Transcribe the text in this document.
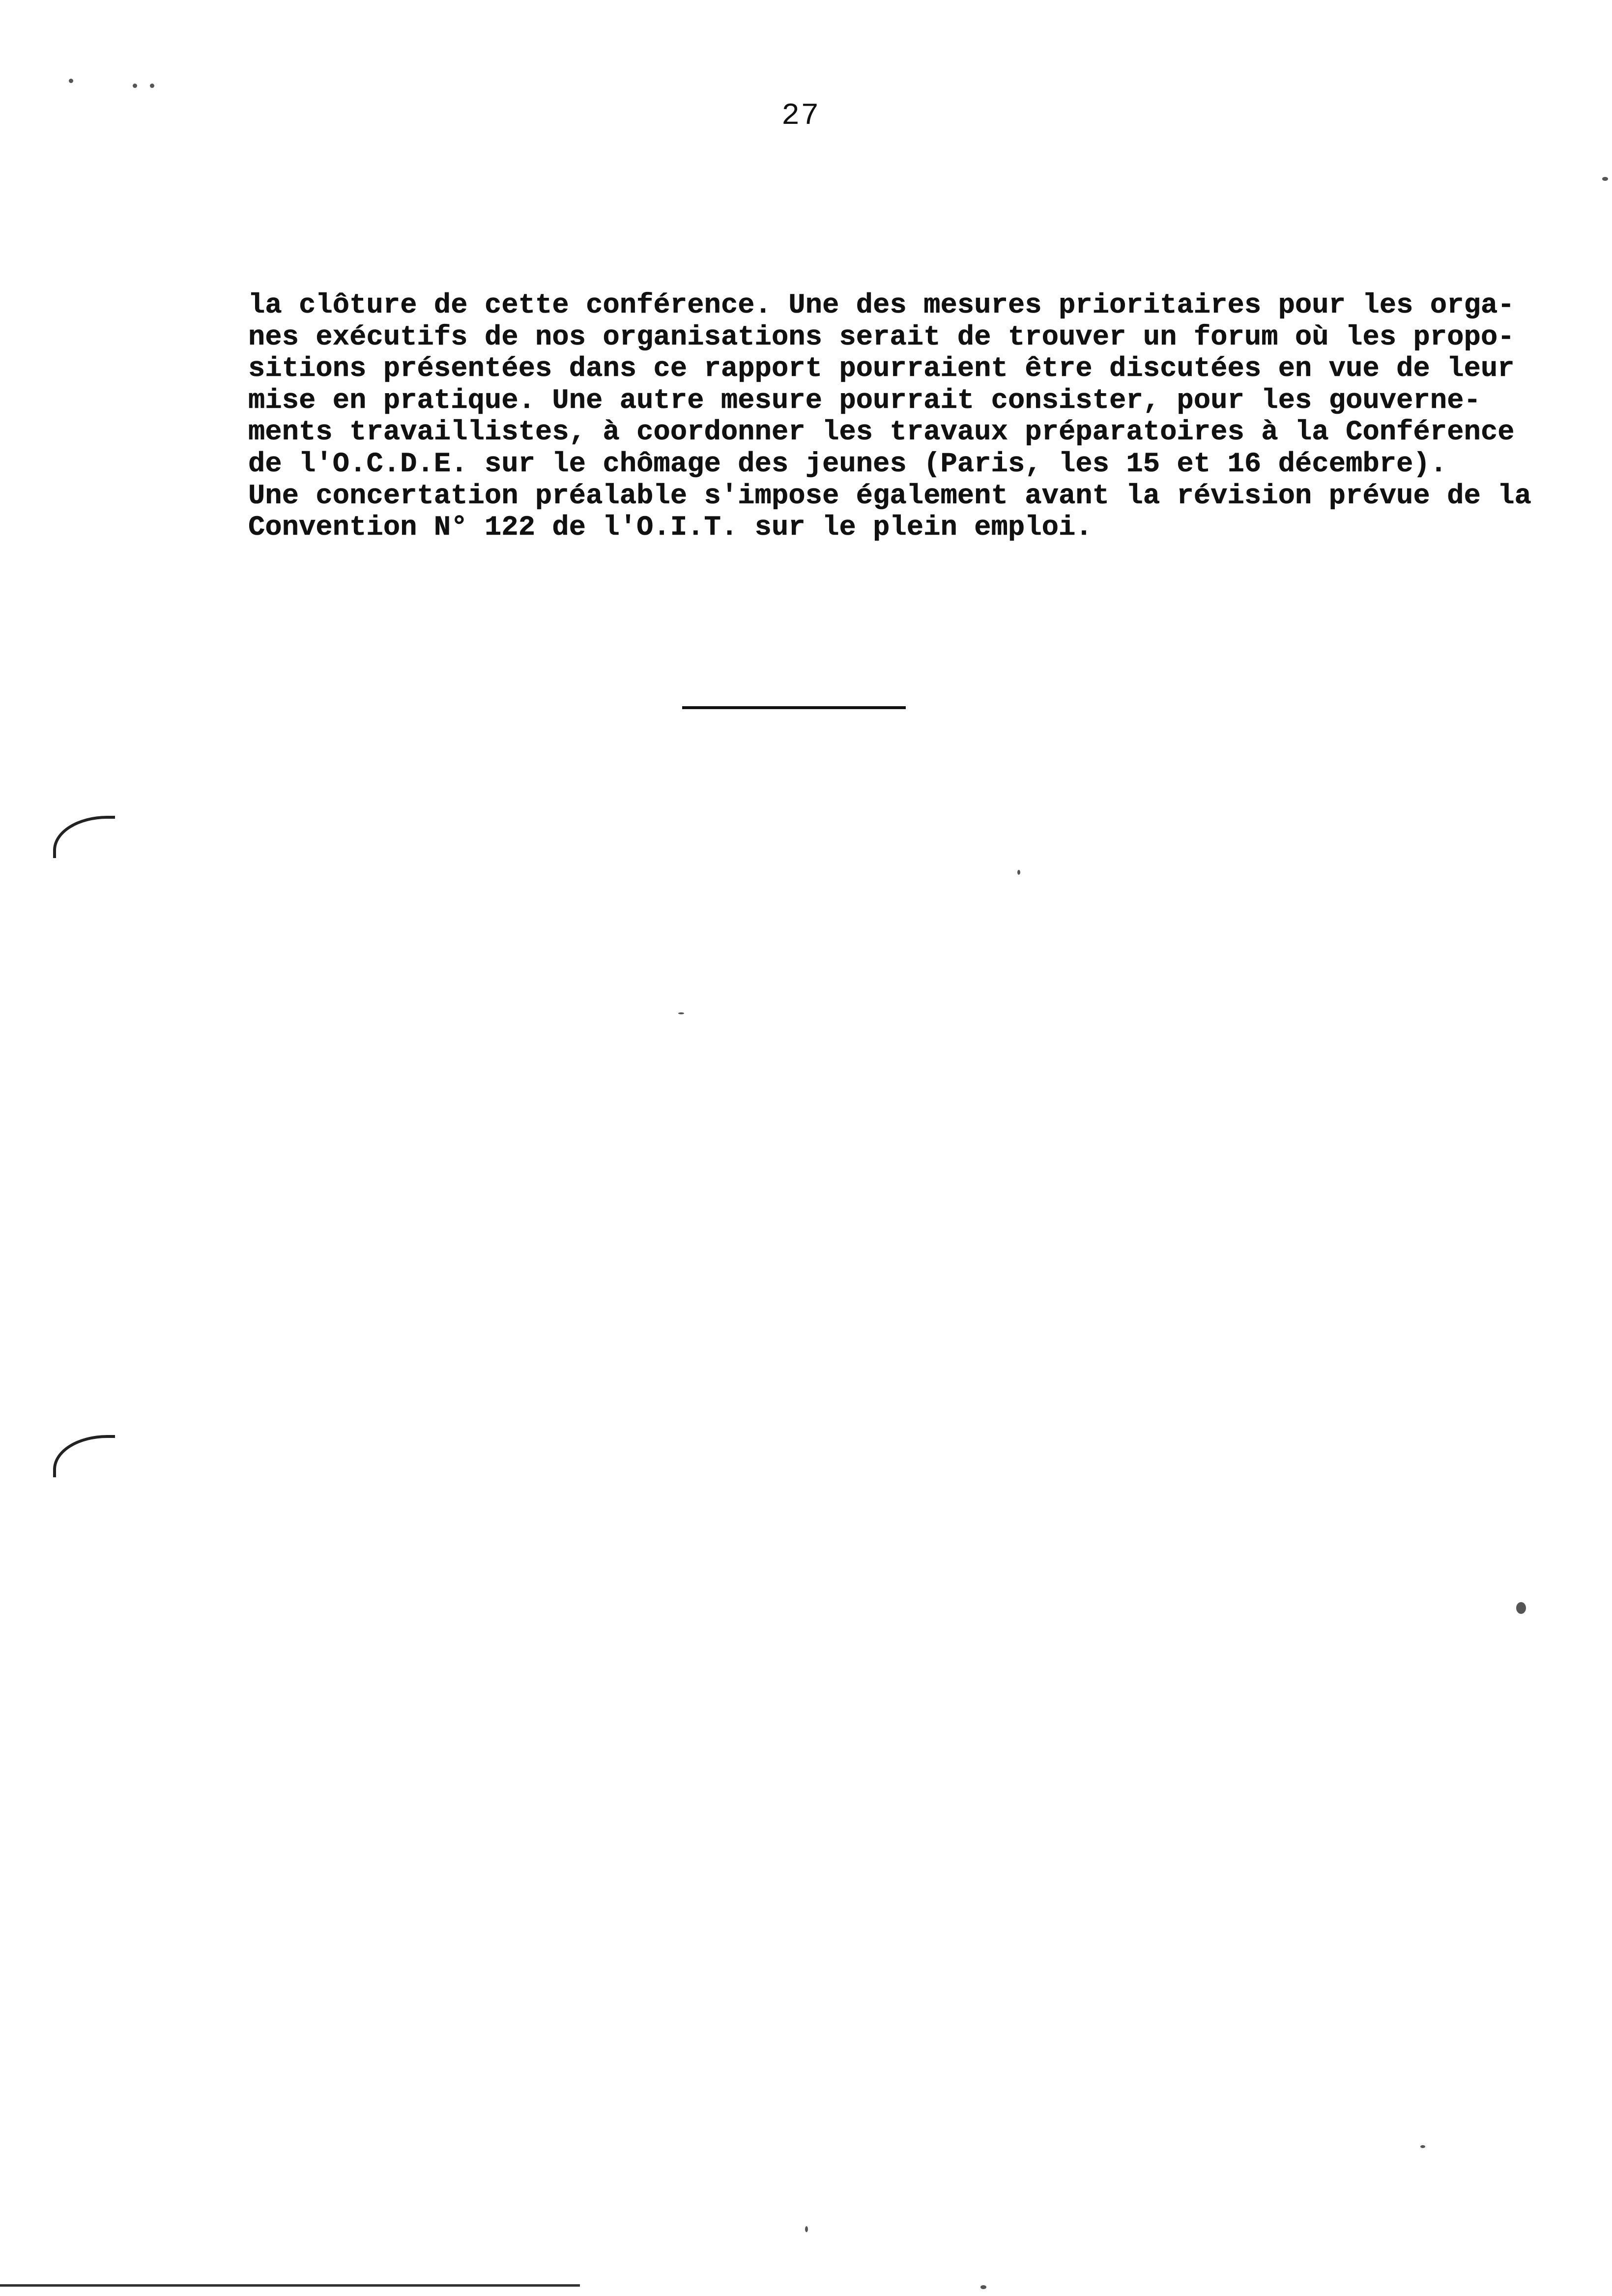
27
la clôture de cette conférence. Une des mesures prioritaires pour les orga-
nes exécutifs de nos organisations serait de trouver un forum où les propo-
sitions présentées dans ce rapport pourraient être discutées en vue de leur
mise en pratique. Une autre mesure pourrait consister, pour les gouverne-
ments travaillistes, à coordonner les travaux préparatoires à la Conférence
de l'O.C.D.E. sur le chômage des jeunes (Paris, les 15 et 16 décembre).
Une concertation préalable s'impose également avant la révision prévue de la
Convention N° 122 de l'O.I.T. sur le plein emploi.
